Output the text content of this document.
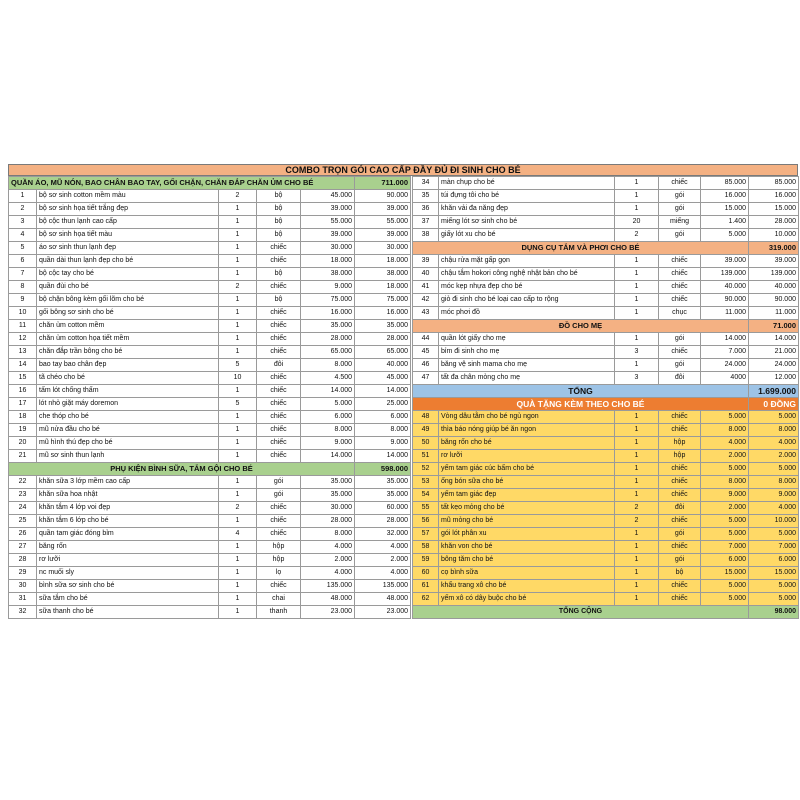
COMBO TRỌN GÓI CAO CẤP ĐẦY ĐỦ ĐI SINH CHO BÉ
QUẦN ÁO, MŨ NÓN, BAO CHÂN BAO TAY, GỐI CHẶN, CHĂN ĐẮP CHĂN ỦM CHO BÉ					711.000
1	bộ sơ sinh cotton mềm màu	2	bộ	45.000	90.000
2	bộ sơ sinh họa tiết trắng đẹp	1	bộ	39.000	39.000
3	bộ cộc thun lạnh cao cấp	1	bộ	55.000	55.000
4	bộ sơ sinh họa tiết màu	1	bộ	39.000	39.000
5	áo sơ sinh thun lạnh đẹp	1	chiếc	30.000	30.000
6	quần dài thun lạnh đẹp cho bé	1	chiếc	18.000	18.000
7	bộ cộc tay cho bé	1	bộ	38.000	38.000
8	quần đùi cho bé	2	chiếc	9.000	18.000
9	bộ chặn bông kèm gối lõm cho bé	1	bộ	75.000	75.000
10	gối bông sơ sinh cho bé	1	chiếc	16.000	16.000
11	chăn ủm cotton mềm	1	chiếc	35.000	35.000
12	chăn ủm cotton họa tiết mềm	1	chiếc	28.000	28.000
13	chăn đắp trần bông cho bé	1	chiếc	65.000	65.000
14	bao tay bao chân đẹp	5	đôi	8.000	40.000
15	tã chéo cho bé	10	chiếc	4.500	45.000
16	tấm lót chống thấm	1	chiếc	14.000	14.000
17	lót nhỏ giặt máy doremon	5	chiếc	5.000	25.000
18	che thóp cho bé	1	chiếc	6.000	6.000
19	mũ nửa đầu cho bé	1	chiếc	8.000	8.000
20	mũ hình thú đẹp cho bé	1	chiếc	9.000	9.000
21	mũ sơ sinh thun lạnh	1	chiếc	14.000	14.000
PHỤ KIỆN BÌNH SỮA, TẮM GỘI CHO BÉ					598.000
22	khăn sữa 3 lớp mềm cao cấp	1	gói	35.000	35.000
23	khăn sữa hoa nhật	1	gói	35.000	35.000
24	khăn tắm 4 lớp voi đẹp	2	chiếc	30.000	60.000
25	khăn tắm 6 lớp cho bé	1	chiếc	28.000	28.000
26	quần tam giác đóng bỉm	4	chiếc	8.000	32.000
27	băng rốn	1	hộp	4.000	4.000
28	rơ lưỡi	1	hộp	2.000	2.000
29	nc muối sly	1	lọ	4.000	4.000
30	bình sữa sơ sinh cho bé	1	chiếc	135.000	135.000
31	sữa tắm cho bé	1	chai	48.000	48.000
32	sữa thanh cho bé	1	thanh	23.000	23.000
34	màn chụp cho bé	1	chiếc	85.000	85.000
35	túi đựng tôi cho bé	1	gói	16.000	16.000
36	khăn vải đa năng đẹp	1	gói	15.000	15.000
37	miếng lót sơ sinh cho bé	20	miếng	1.400	28.000
38	giấy lót xu cho bé	2	gói	5.000	10.000
DỤNG CỤ TẮM VÀ PHƠI CHO BÉ					319.000
39	chậu rửa mặt gấp gọn	1	chiếc	39.000	39.000
40	chậu tắm hokori công nghệ nhật bản cho bé	1	chiếc	139.000	139.000
41	móc kẹp nhựa đẹp cho bé	1	chiếc	40.000	40.000
42	giỏ đi sinh cho bé loại cao cấp to rộng	1	chiếc	90.000	90.000
43	móc phơi đồ	1	chục	11.000	11.000
ĐỒ CHO MẸ					71.000
44	quần lót giấy cho mẹ	1	gói	14.000	14.000
45	bỉm đi sinh cho mẹ	3	chiếc	7.000	21.000
46	băng vệ sinh mama cho mẹ	1	gói	24.000	24.000
47	tất đa chân mỏng cho mẹ	3	đôi	4000	12.000
TỔNG					1.699.000
QUÀ TẶNG KÈM THEO CHO BÉ					0 ĐỒNG
48	Vòng dâu tằm cho bé ngủ ngon	1	chiếc	5.000	5.000
49	thìa báo nóng giúp bé ăn ngon	1	chiếc	8.000	8.000
50	băng rốn cho bé	1	hộp	4.000	4.000
51	rơ lưỡi	1	hộp	2.000	2.000
52	yếm tam giác cúc bấm cho bé	1	chiếc	5.000	5.000
53	ống bón sữa cho bé	1	chiếc	8.000	8.000
54	yếm tam giác đẹp	1	chiếc	9.000	9.000
55	tất kẹo mỏng cho bé	2	đôi	2.000	4.000
56	mũ mỏng cho bé	2	chiếc	5.000	10.000
57	gói lót phân xu	1	gói	5.000	5.000
58	khăn von cho bé	1	chiếc	7.000	7.000
59	bông tăm cho bé	1	gói	6.000	6.000
60	cọ bình sữa	1	bộ	15.000	15.000
61	khẩu trang xô cho bé	1	chiếc	5.000	5.000
62	yếm xô có dây buộc cho bé	1	chiếc	5.000	5.000
TỔNG CỘNG					98.000
